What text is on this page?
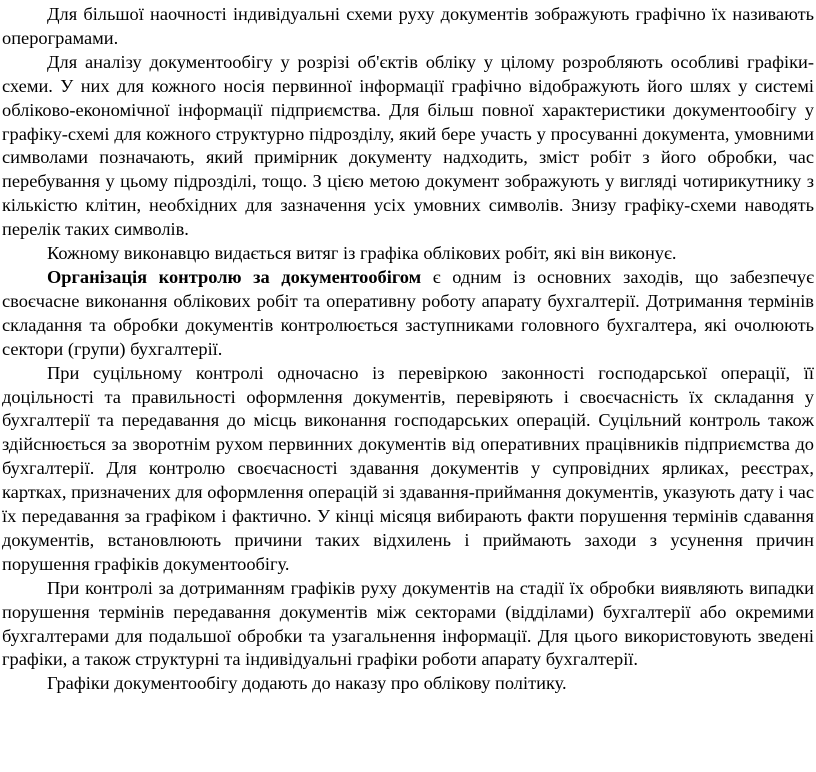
Для більшої наочності індивідуальні схеми руху документів зображують графічно їх називають оперограмами.

Для аналізу документообігу у розрізі об'єктів обліку у цілому розробляють особливі графіки-схеми. У них для кожного носія первинної інформації графічно відображують його шлях у системі обліково-економічної інформації підприємства. Для більш повної характеристики документообігу у графіку-схемі для кожного структурно підрозділу, який бере участь у просуванні документа, умовними символами позначають, який примірник документу надходить, зміст робіт з його обробки, час перебування у цьому підрозділі, тощо. З цією метою документ зображують у вигляді чотирикутнику з кількістю клітин, необхідних для зазначення усіх умовних символів. Знизу графіку-схеми наводять перелік таких символів.

Кожному виконавцю видається витяг із графіка облікових робіт, які він виконує.

Організація контролю за документообігом є одним із основних заходів, що забезпечує своєчасне виконання облікових робіт та оперативну роботу апарату бухгалтерії. Дотримання термінів складання та обробки документів контролюється заступниками головного бухгалтера, які очолюють сектори (групи) бухгалтерії.

При суцільному контролі одночасно із перевіркою законності господарської операції, її доцільності та правильності оформлення документів, перевіряють і своєчасність їх складання у бухгалтерії та передавання до місць виконання господарських операцій. Суцільний контроль також здійснюється за зворотнім рухом первинних документів від оперативних працівників підприємства до бухгалтерії. Для контролю своєчасності здавання документів у супровідних ярликах, реєстрах, картках, призначених для оформлення операцій зі здавання-приймання документів, указують дату і час їх передавання за графіком і фактично. У кінці місяця вибирають факти порушення термінів сдавання документів, встановлюють причини таких відхилень і приймають заходи з усунення причин порушення графіків документообігу.

При контролі за дотриманням графіків руху документів на стадії їх обробки виявляють випадки порушення термінів передавання документів між секторами (відділами) бухгалтерії або окремими бухгалтерами для подальшої обробки та узагальнення інформації. Для цього використовують зведені графіки, а також структурні та індивідуальні графіки роботи апарату бухгалтерії.

Графіки документообігу додають до наказу про облікову політику.
